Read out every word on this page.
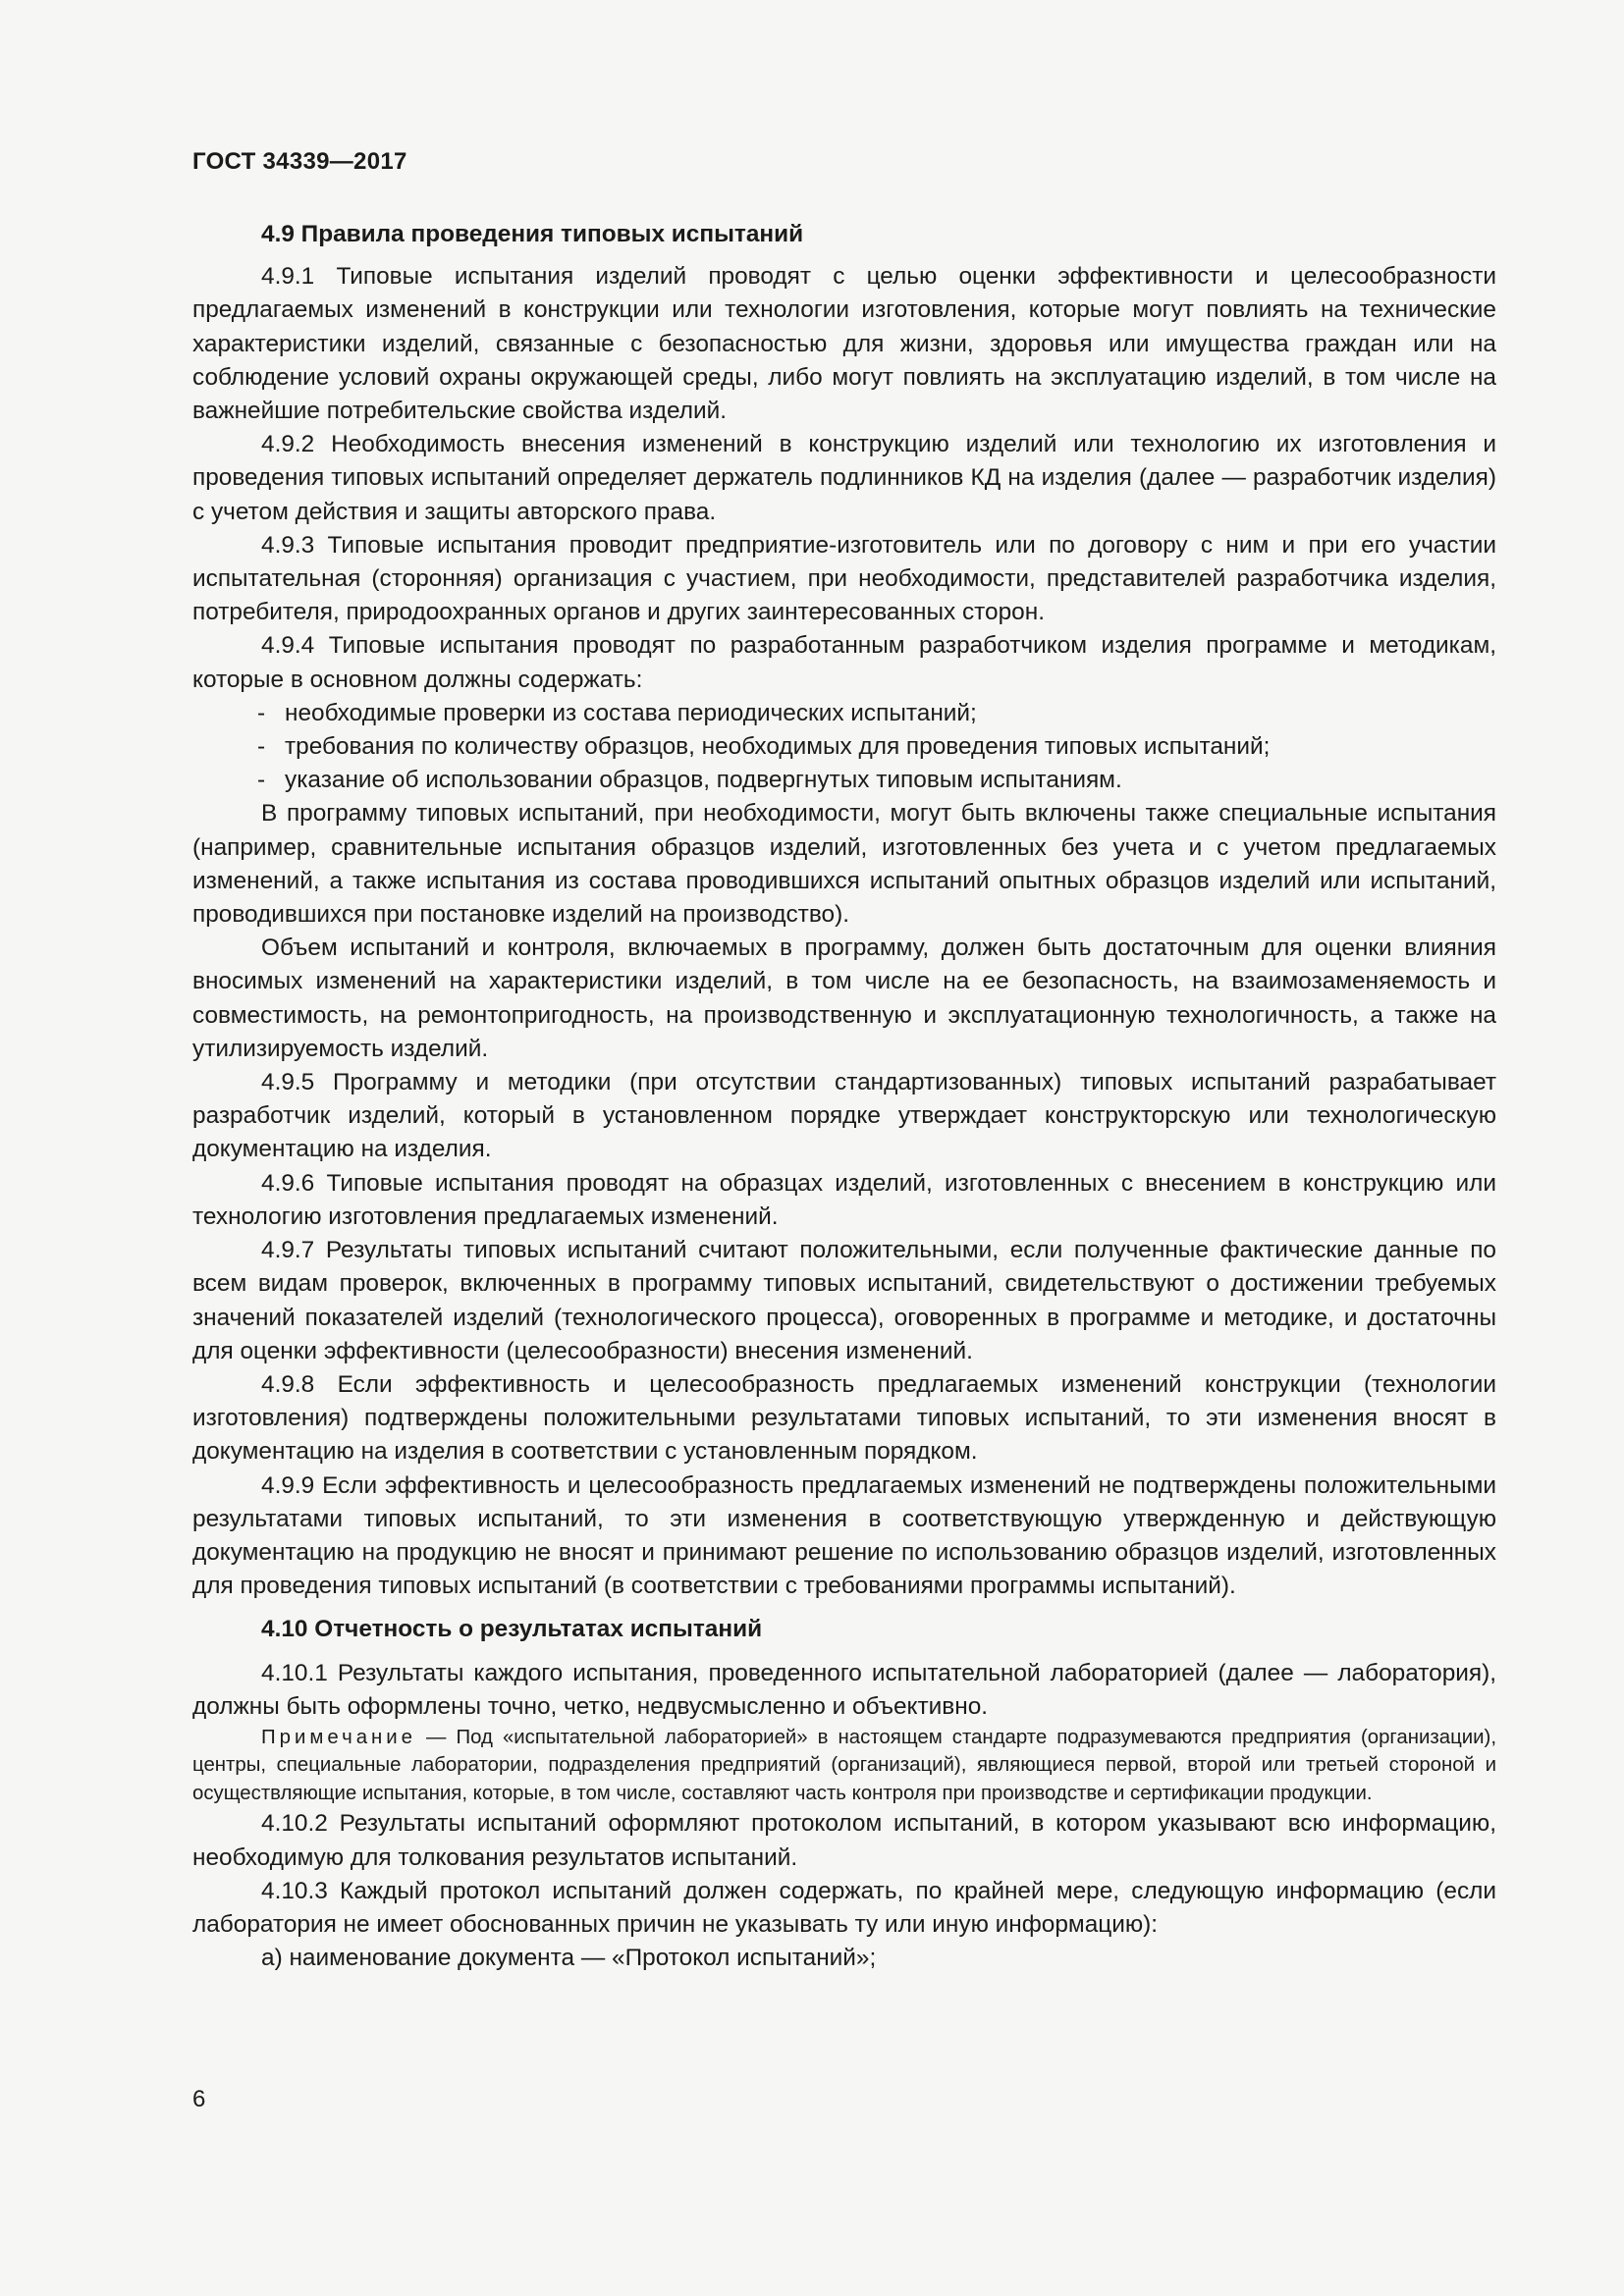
ГОСТ 34339—2017
4.9 Правила проведения типовых испытаний

4.9.1 Типовые испытания изделий проводят с целью оценки эффективности и целесообразности предлагаемых изменений в конструкции или технологии изготовления, которые могут повлиять на технические характеристики изделий, связанные с безопасностью для жизни, здоровья или имущества граждан или на соблюдение условий охраны окружающей среды, либо могут повлиять на эксплуатацию изделий, в том числе на важнейшие потребительские свойства изделий.

4.9.2 Необходимость внесения изменений в конструкцию изделий или технологию их изготовления и проведения типовых испытаний определяет держатель подлинников КД на изделия (далее — разработчик изделия) с учетом действия и защиты авторского права.

4.9.3 Типовые испытания проводит предприятие-изготовитель или по договору с ним и при его участии испытательная (сторонняя) организация с участием, при необходимости, представителей разработчика изделия, потребителя, природоохранных органов и других заинтересованных сторон.

4.9.4 Типовые испытания проводят по разработанным разработчиком изделия программе и методикам, которые в основном должны содержать:

- необходимые проверки из состава периодических испытаний;
- требования по количеству образцов, необходимых для проведения типовых испытаний;
- указание об использовании образцов, подвергнутых типовым испытаниям.

В программу типовых испытаний, при необходимости, могут быть включены также специальные испытания (например, сравнительные испытания образцов изделий, изготовленных без учета и с учетом предлагаемых изменений, а также испытания из состава проводившихся испытаний опытных образцов изделий или испытаний, проводившихся при постановке изделий на производство).

Объем испытаний и контроля, включаемых в программу, должен быть достаточным для оценки влияния вносимых изменений на характеристики изделий, в том числе на ее безопасность, на взаимозаменяемость и совместимость, на ремонтопригодность, на производственную и эксплуатационную технологичность, а также на утилизируемость изделий.

4.9.5 Программу и методики (при отсутствии стандартизованных) типовых испытаний разрабатывает разработчик изделий, который в установленном порядке утверждает конструкторскую или технологическую документацию на изделия.

4.9.6 Типовые испытания проводят на образцах изделий, изготовленных с внесением в конструкцию или технологию изготовления предлагаемых изменений.

4.9.7 Результаты типовых испытаний считают положительными, если полученные фактические данные по всем видам проверок, включенных в программу типовых испытаний, свидетельствуют о достижении требуемых значений показателей изделий (технологического процесса), оговоренных в программе и методике, и достаточны для оценки эффективности (целесообразности) внесения изменений.

4.9.8 Если эффективность и целесообразность предлагаемых изменений конструкции (технологии изготовления) подтверждены положительными результатами типовых испытаний, то эти изменения вносят в документацию на изделия в соответствии с установленным порядком.

4.9.9 Если эффективность и целесообразность предлагаемых изменений не подтверждены положительными результатами типовых испытаний, то эти изменения в соответствующую утвержденную и действующую документацию на продукцию не вносят и принимают решение по использованию образцов изделий, изготовленных для проведения типовых испытаний (в соответствии с требованиями программы испытаний).

4.10 Отчетность о результатах испытаний

4.10.1 Результаты каждого испытания, проведенного испытательной лабораторией (далее — лаборатория), должны быть оформлены точно, четко, недвусмысленно и объективно.

Примечание — Под «испытательной лабораторией» в настоящем стандарте подразумеваются предприятия (организации), центры, специальные лаборатории, подразделения предприятий (организаций), являющиеся первой, второй или третьей стороной и осуществляющие испытания, которые, в том числе, составляют часть контроля при производстве и сертификации продукции.

4.10.2 Результаты испытаний оформляют протоколом испытаний, в котором указывают всю информацию, необходимую для толкования результатов испытаний.

4.10.3 Каждый протокол испытаний должен содержать, по крайней мере, следующую информацию (если лаборатория не имеет обоснованных причин не указывать ту или иную информацию):

а) наименование документа — «Протокол испытаний»;

6
